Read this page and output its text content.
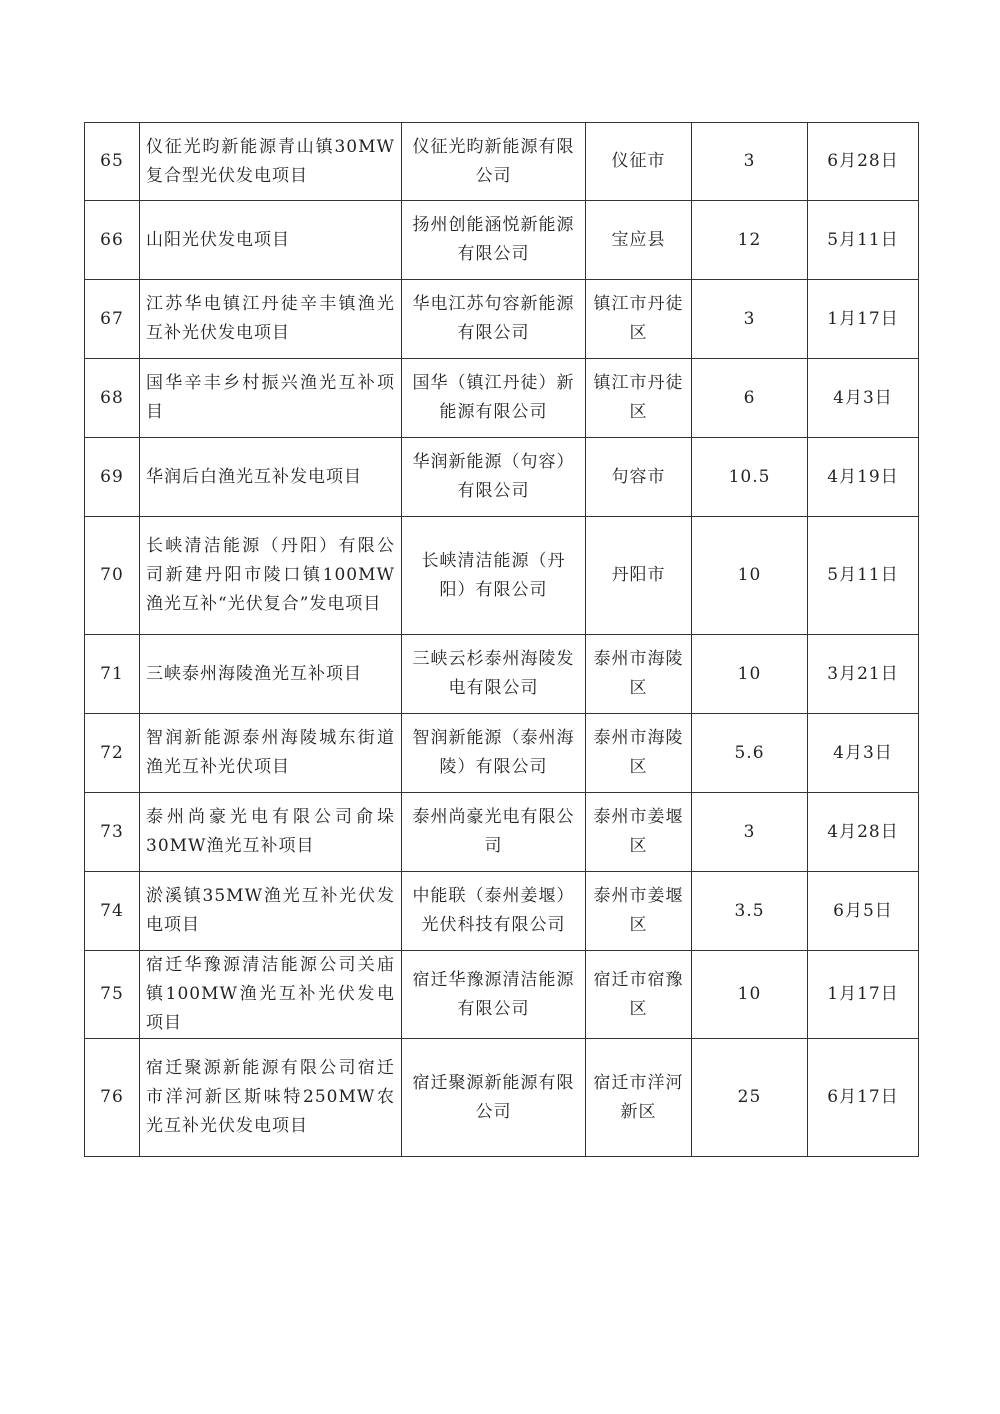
65	仪征光昀新能源青山镇30MW复合型光伏发电项目	仪征光昀新能源有限公司	仪征市	3	6月28日
66	山阳光伏发电项目	扬州创能涵悦新能源有限公司	宝应县	12	5月11日
67	江苏华电镇江丹徒辛丰镇渔光互补光伏发电项目	华电江苏句容新能源有限公司	镇江市丹徒区	3	1月17日
68	国华辛丰乡村振兴渔光互补项目	国华（镇江丹徒）新能源有限公司	镇江市丹徒区	6	4月3日
69	华润后白渔光互补发电项目	华润新能源（句容）有限公司	句容市	10.5	4月19日
70	长峡清洁能源（丹阳）有限公司新建丹阳市陵口镇100MW渔光互补“光伏复合”发电项目	长峡清洁能源（丹阳）有限公司	丹阳市	10	5月11日
71	三峡泰州海陵渔光互补项目	三峡云杉泰州海陵发电有限公司	泰州市海陵区	10	3月21日
72	智润新能源泰州海陵城东街道渔光互补光伏项目	智润新能源（泰州海陵）有限公司	泰州市海陵区	5.6	4月3日
73	泰州尚豪光电有限公司俞垛30MW渔光互补项目	泰州尚豪光电有限公司	泰州市姜堰区	3	4月28日
74	淤溪镇35MW渔光互补光伏发电项目	中能联（泰州姜堰）光伏科技有限公司	泰州市姜堰区	3.5	6月5日
75	宿迁华豫源清洁能源公司关庙镇100MW渔光互补光伏发电项目	宿迁华豫源清洁能源有限公司	宿迁市宿豫区	10	1月17日
76	宿迁聚源新能源有限公司宿迁市洋河新区斯味特250MW农光互补光伏发电项目	宿迁聚源新能源有限公司	宿迁市洋河新区	25	6月17日
